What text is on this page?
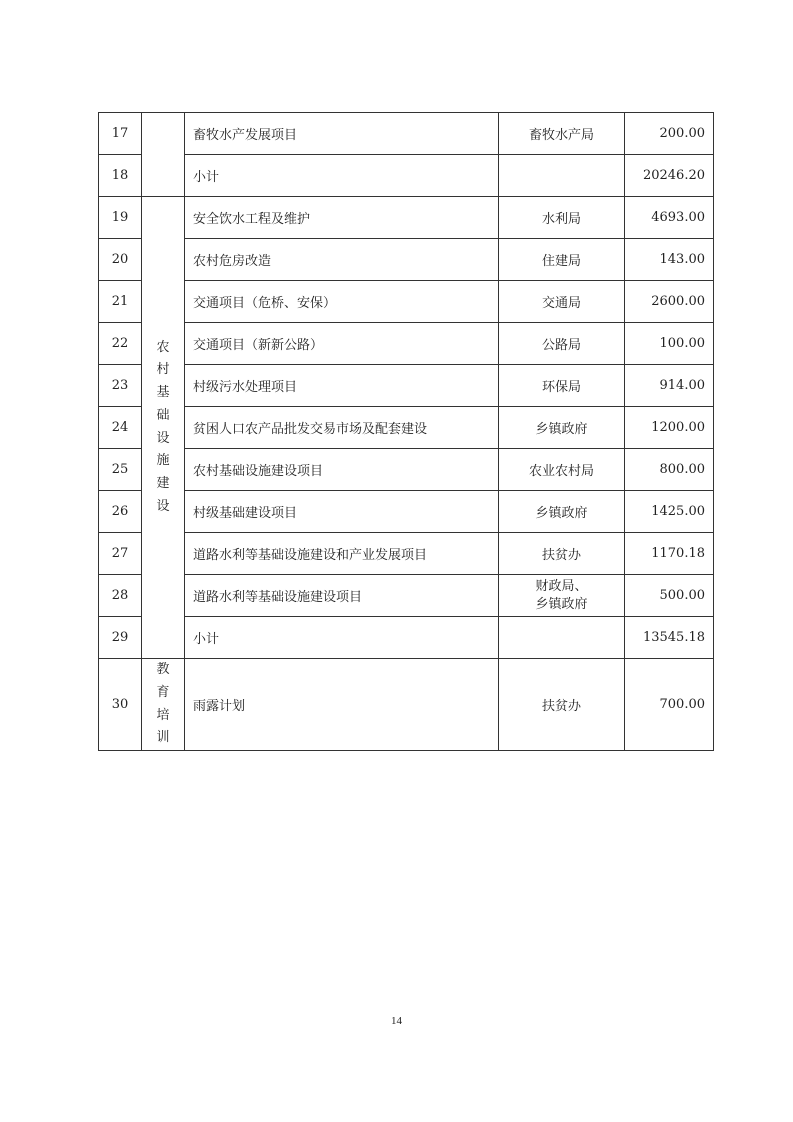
17		畜牧水产发展项目	畜牧水产局	200.00
18		小计		20246.20
19	农村基础设施建设	安全饮水工程及维护	水利局	4693.00
20		农村危房改造	住建局	143.00
21		交通项目（危桥、安保）	交通局	2600.00
22		交通项目（新新公路）	公路局	100.00
23		村级污水处理项目	环保局	914.00
24		贫困人口农产品批发交易市场及配套建设	乡镇政府	1200.00
25		农村基础设施建设项目	农业农村局	800.00
26		村级基础建设项目	乡镇政府	1425.00
27		道路水利等基础设施建设和产业发展项目	扶贫办	1170.18
28		道路水利等基础设施建设项目	财政局、
乡镇政府	500.00
29		小计		13545.18
30	教育培训	雨露计划	扶贫办	700.00
14
